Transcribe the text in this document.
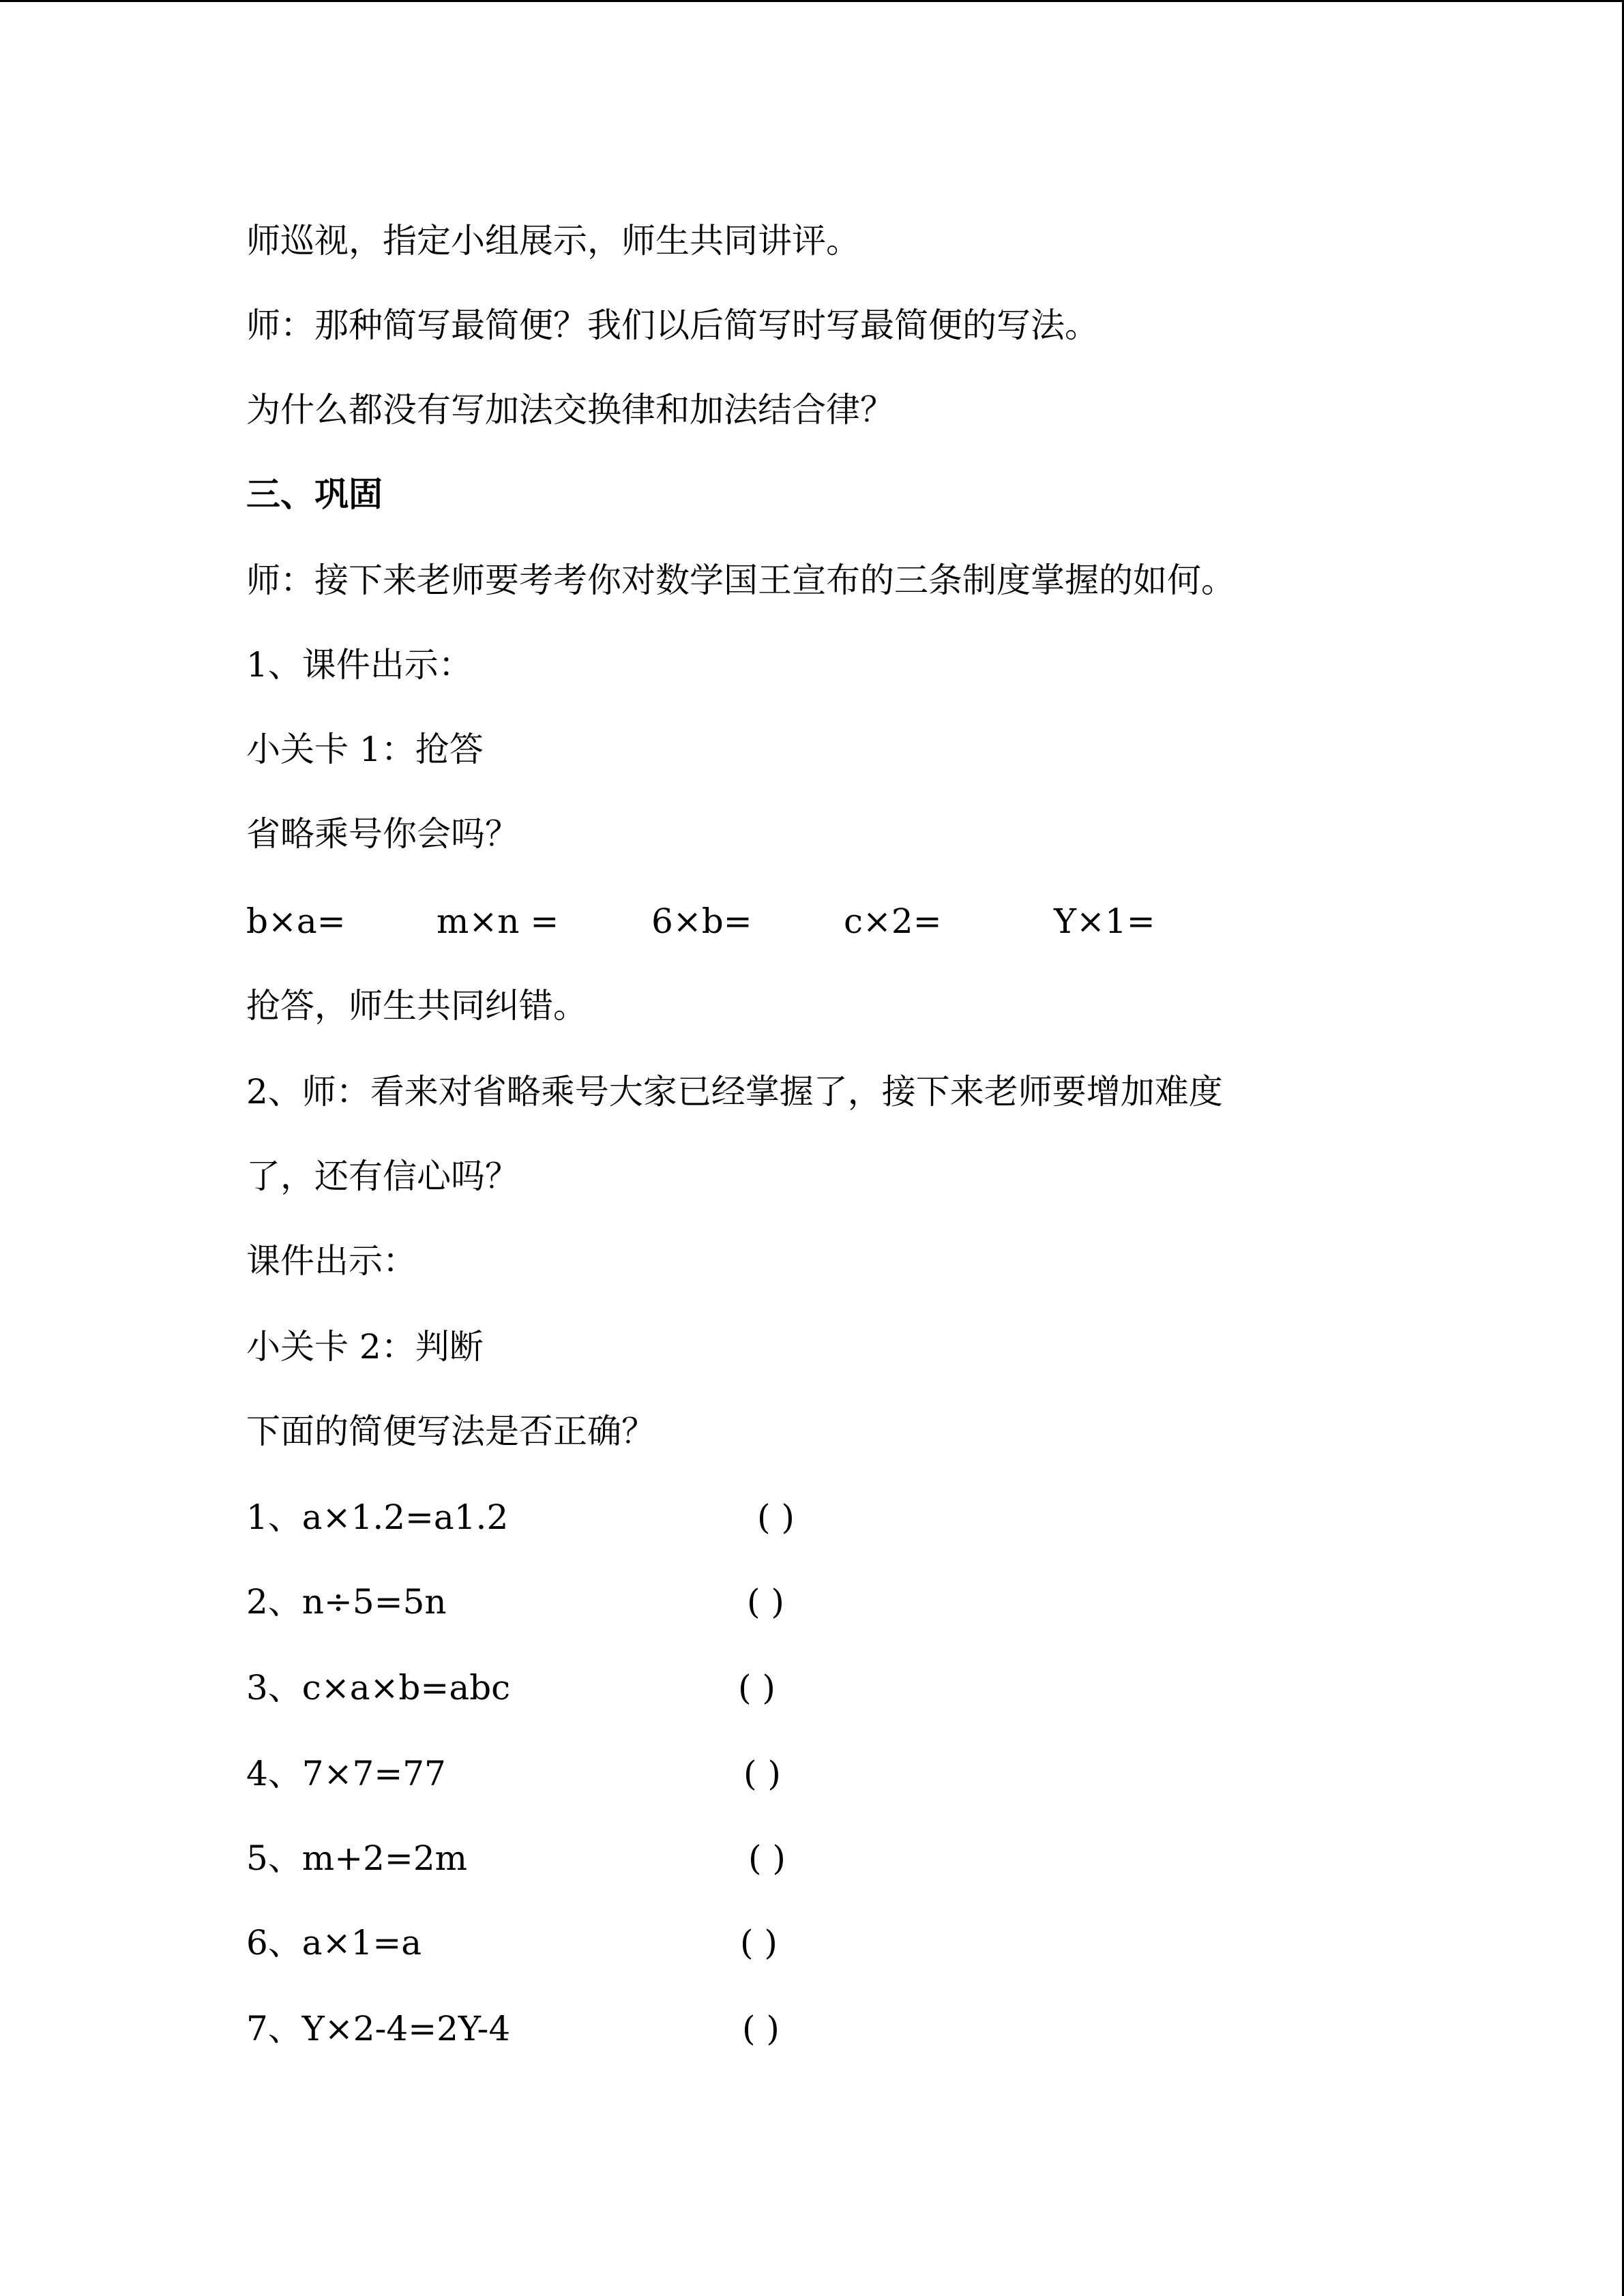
师巡视，指定小组展示，师生共同讲评。
师：那种简写最简便？我们以后简写时写最简便的写法。
为什么都没有写加法交换律和加法结合律？
三、巩固
师：接下来老师要考考你对数学国王宣布的三条制度掌握的如何。
1、课件出示：
小关卡 1：抢答
省略乘号你会吗？
b×a=	m×n =	6×b=	c×2=	Y×1=
抢答，师生共同纠错。
2、师：看来对省略乘号大家已经掌握了，接下来老师要增加难度
了，还有信心吗？
课件出示：
小关卡 2：判断
下面的简便写法是否正确？
1、a×1.2=a1.2	( )
2、n÷5=5n	( )
3、c×a×b=abc	( )
4、7×7=77	( )
5、m+2=2m	( )
6、a×1=a	( )
7、Y×2-4=2Y-4	( )
